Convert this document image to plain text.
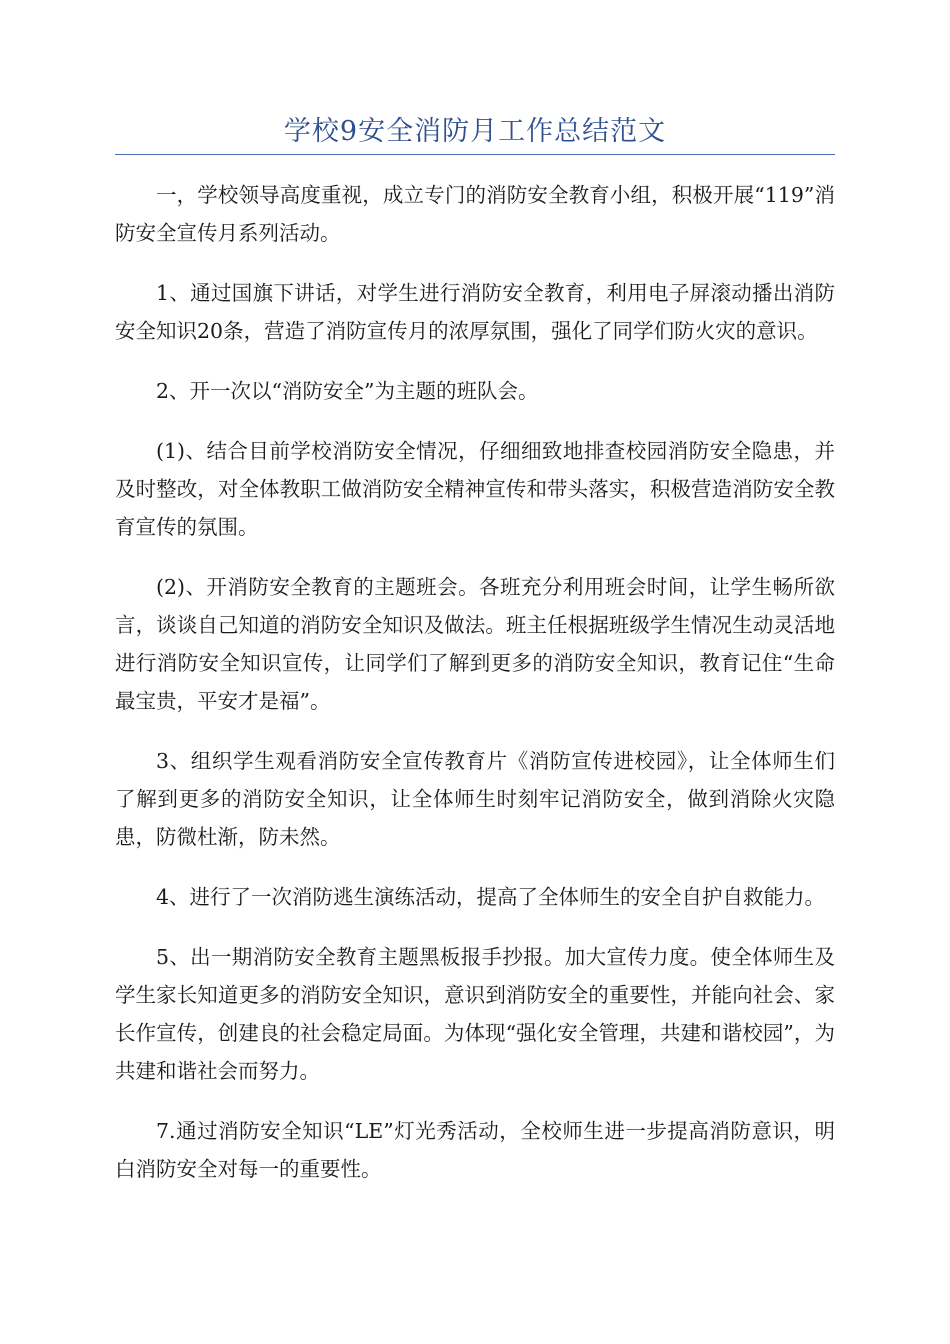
学校9安全消防月工作总结范文

一，学校领导高度重视，成立专门的消防安全教育小组，积极开展“119”消防安全宣传月系列活动。

1、通过国旗下讲话，对学生进行消防安全教育，利用电子屏滚动播出消防安全知识20条，营造了消防宣传月的浓厚氛围，强化了同学们防火灾的意识。

2、开一次以“消防安全”为主题的班队会。

(1)、结合目前学校消防安全情况，仔细细致地排查校园消防安全隐患，并及时整改，对全体教职工做消防安全精神宣传和带头落实，积极营造消防安全教育宣传的氛围。

(2)、开消防安全教育的主题班会。各班充分利用班会时间，让学生畅所欲言，谈谈自己知道的消防安全知识及做法。班主任根据班级学生情况生动灵活地进行消防安全知识宣传，让同学们了解到更多的消防安全知识，教育记住“生命最宝贵，平安才是福”。

3、组织学生观看消防安全宣传教育片《消防宣传进校园》，让全体师生们了解到更多的消防安全知识，让全体师生时刻牢记消防安全，做到消除火灾隐患，防微杜渐，防未然。

4、进行了一次消防逃生演练活动，提高了全体师生的安全自护自救能力。

5、出一期消防安全教育主题黑板报手抄报。加大宣传力度。使全体师生及学生家长知道更多的消防安全知识，意识到消防安全的重要性，并能向社会、家长作宣传，创建良的社会稳定局面。为体现“强化安全管理，共建和谐校园”，为共建和谐社会而努力。

7.通过消防安全知识“LE”灯光秀活动，全校师生进一步提高消防意识，明白消防安全对每一的重要性。
